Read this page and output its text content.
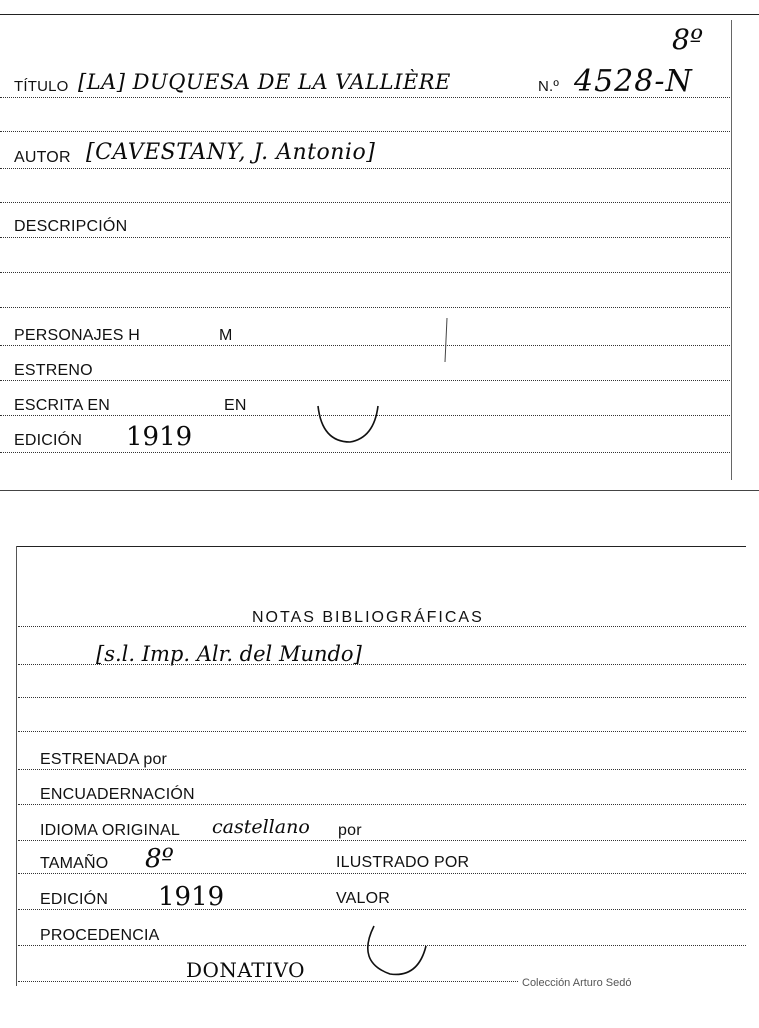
8º
TÍTULO [LA] DUQUESA DE LA VALLIÈRE	N.º 4528-N
AUTOR [CAVESTANY, J. Antonio]
DESCRIPCIÓN
PERSONAJES H	M
ESTRENO
ESCRITA EN	EN
EDICIÓN 1919
NOTAS BIBLIOGRÁFICAS
[s.l. Imp. Alr. del Mundo]
ESTRENADA por
ENCUADERNACIÓN
IDIOMA ORIGINAL castellano por
TAMAÑO 8º	ILUSTRADO POR
EDICIÓN 1919	VALOR
PROCEDENCIA
DONATIVO
Colección Arturo Sedó
